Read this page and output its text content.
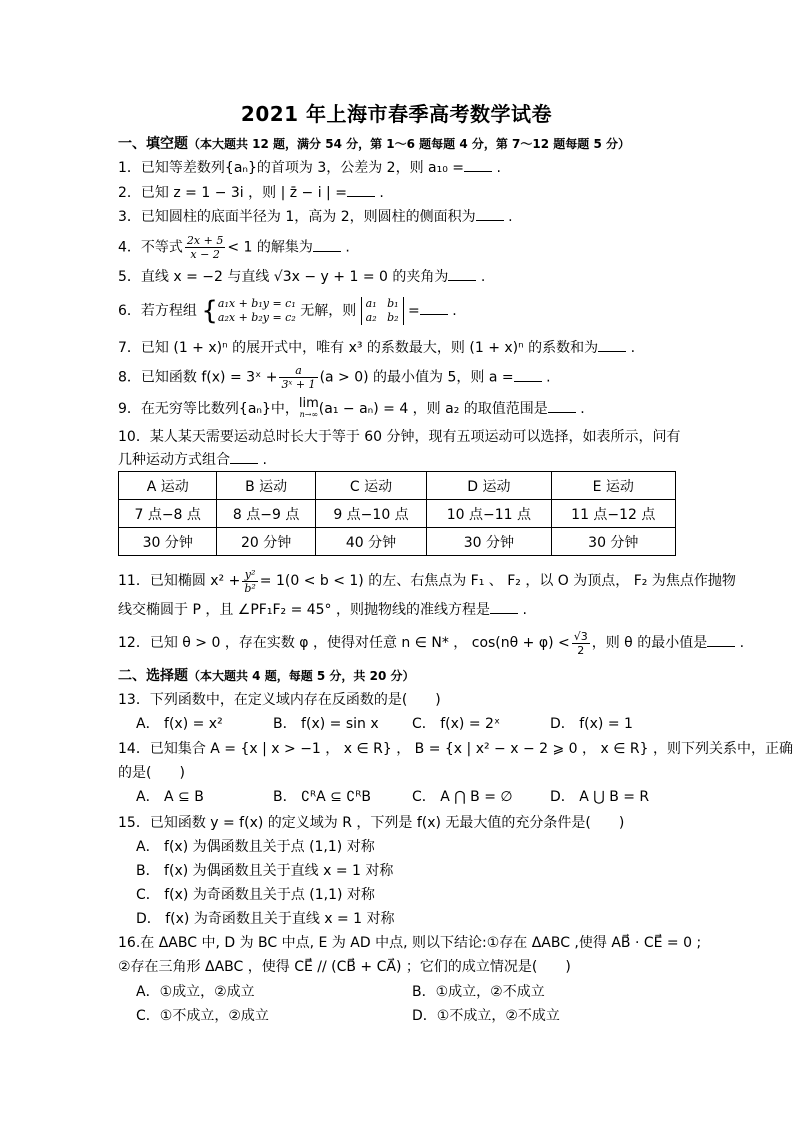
2021 年上海市春季高考数学试卷
一、填空题（本大题共 12 题，满分 54 分，第 1～6 题每题 4 分，第 7～12 题每题 5 分）
1．已知等差数列{aₙ}的首项为 3，公差为 2，则 a₁₀ = .
2．已知 z = 1 − 3i ，则 | z̄ − i | = .
3．已知圆柱的底面半径为 1，高为 2，则圆柱的侧面积为 .
4．不等式 $\frac{2x + 5}{x - 2} < 1$ 的解集为 .
5．直线 x = −2 与直线 √3x − y + 1 = 0 的夹角为 .
6．若方程组 { a₁x + b₁y = c₁
a₂x + b₂y = c₂ 无解，则 a₁ b₁
a₂ b₂ = .
7．已知 (1 + x)ⁿ 的展开式中，唯有 x³ 的系数最大，则 (1 + x)ⁿ 的系数和为 .
8．已知函数 f(x) = 3ˣ + $\frac{a}{\text{3ˣ + 1}} (a > 0)$ 的最小值为 5，则 a = .
9．在无穷等比数列{aₙ}中， lim
n→∞ (a₁ − aₙ) = 4 ，则 a₂ 的取值范围是 .
10．某人某天需要运动总时长大于等于 60 分钟，现有五项运动可以选择，如表所示，问有
几种运动方式组合 .
A 运动	B 运动	C 运动	D 运动	E 运动
7 点−8 点	8 点−9 点	9 点−10 点	10 点−11 点	11 点−12 点
30 分钟	20 分钟	40 分钟	30 分钟	30 分钟
11．已知椭圆 $x^2 + \frac{\text{y²}}{\text{b²}} = 1(0 < b < 1)$ 的左、右焦点为 F₁ 、 F₂ ，以 O 为顶点， F₂ 为焦点作抛物
线交椭圆于 P ，且 ∠PF₁F₂ = 45° ，则抛物线的准线方程是 .
12．已知 θ > 0 ，存在实数 φ ，使得对任意 n ∈ N* ， $\cos(n\theta + \varphi) < \frac{√3}{2}$ ，则 θ 的最小值是 .
二、选择题（本大题共 4 题，每题 5 分，共 20 分）
13．下列函数中，在定义域内存在反函数的是(　　)
A． f(x) = x²	B． f(x) = sin x C． f(x) = 2ˣ	D． f(x) = 1
14．已知集合 A = {x | x > −1 ， x ∈ R} ， B = {x | x² − x − 2 ⩾ 0 ， x ∈ R} ，则下列关系中，正确
的是(　　)
A． A ⊆ B	B． ∁ᴿA ⊆ ∁ᴿB	C． A ⋂ B = ∅	D． A ⋃ B = R
15．已知函数 y = f(x) 的定义域为 R ，下列是 f(x) 无最大值的充分条件是(　　)
A． f(x) 为偶函数且关于点 (1,1) 对称
B． f(x) 为偶函数且关于直线 x = 1 对称
C． f(x) 为奇函数且关于点 (1,1) 对称
D． f(x) 为奇函数且关于直线 x = 1 对称
16.在 ΔABC 中, D 为 BC 中点, E 为 AD 中点, 则以下结论:①存在 ΔABC ,使得 AB⃗ · CE⃗ = 0 ;
②存在三角形 ΔABC ，使得 CE⃗ // (CB⃗ + CA⃗) ；它们的成立情况是(　　)
A．①成立，②成立	B．①成立，②不成立
C．①不成立，②成立	D．①不成立，②不成立
